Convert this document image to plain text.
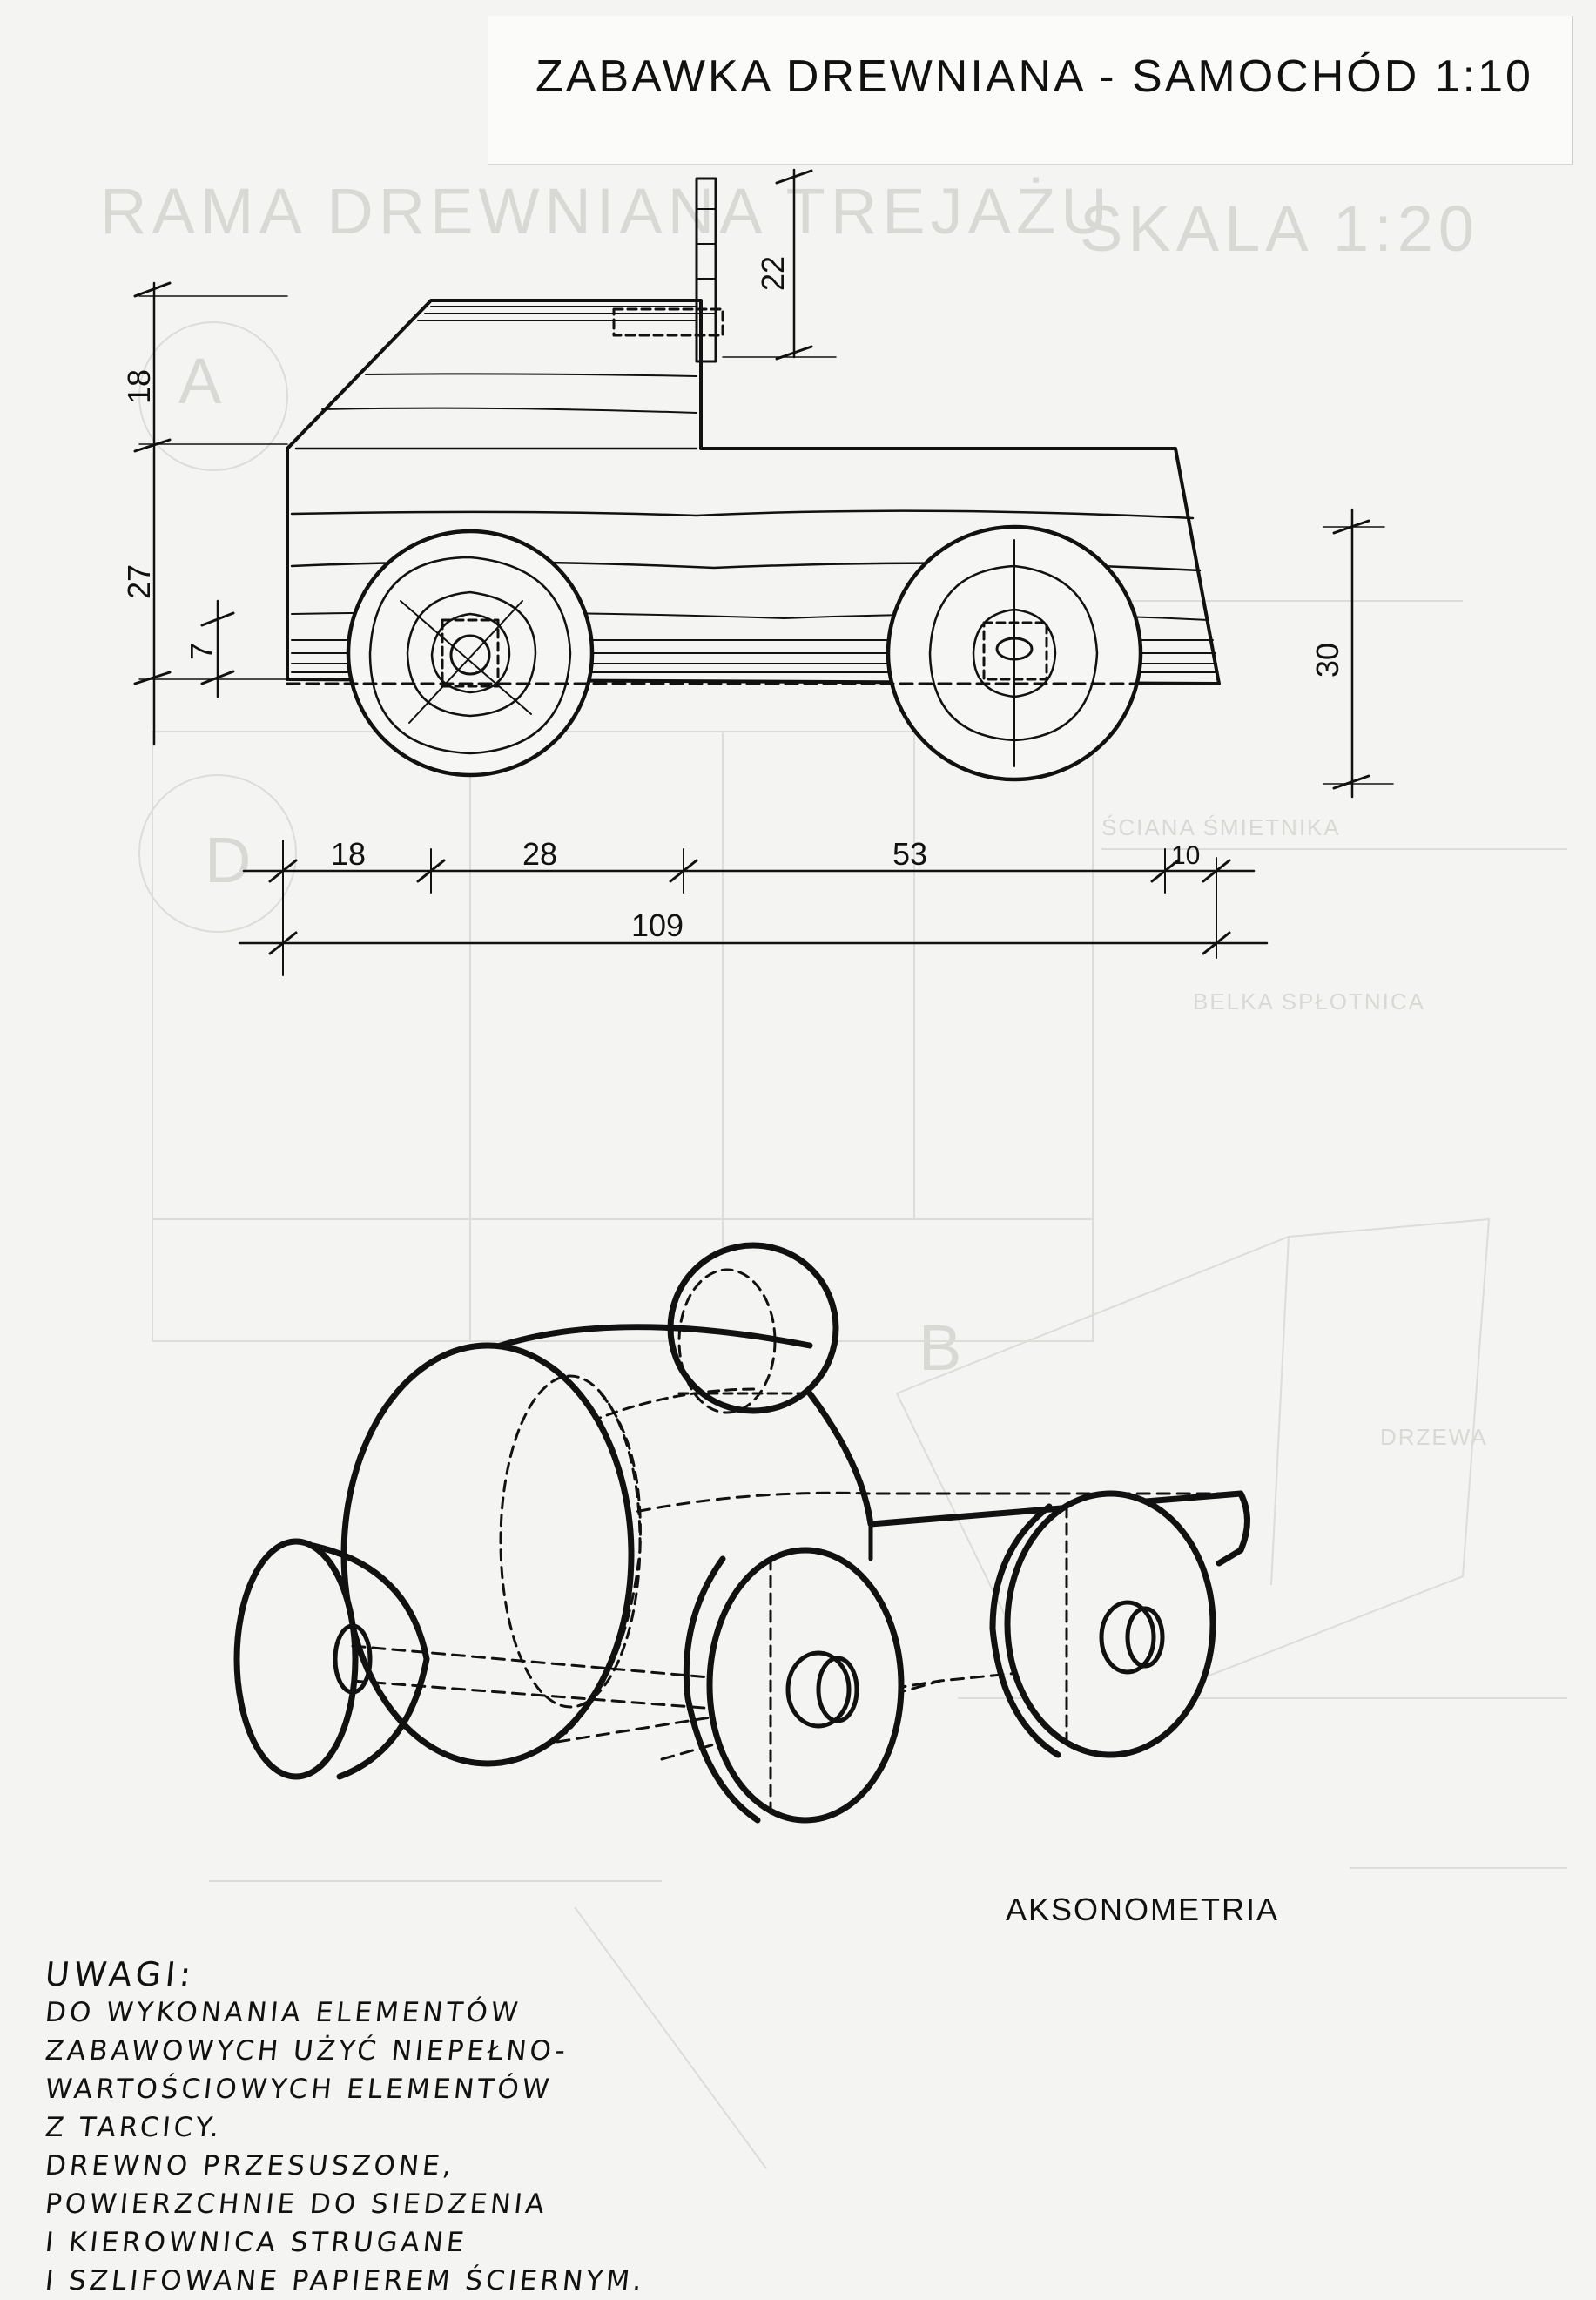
RAMA DREWNIANA TREJAŻU
SKALA 1:20
A
B
D	ŚCIANA ŚMIETNIKA
BELKA SPŁOTNICA
DRZEWA
ZABAWKA DREWNIANA - SAMOCHÓD 1:10
18
27
7
22
30
18	28	53	10
109
AKSONOMETRIA
UWAGI:
DO WYKONANIA ELEMENTÓW
ZABAWOWYCH UŻYĆ NIEPEŁNO-
WARTOŚCIOWYCH ELEMENTÓW
Z TARCICY.
DREWNO PRZESUSZONE,
POWIERZCHNIE DO SIEDZENIA
I KIEROWNICA STRUGANE
I SZLIFOWANE PAPIEREM ŚCIERNYM.
